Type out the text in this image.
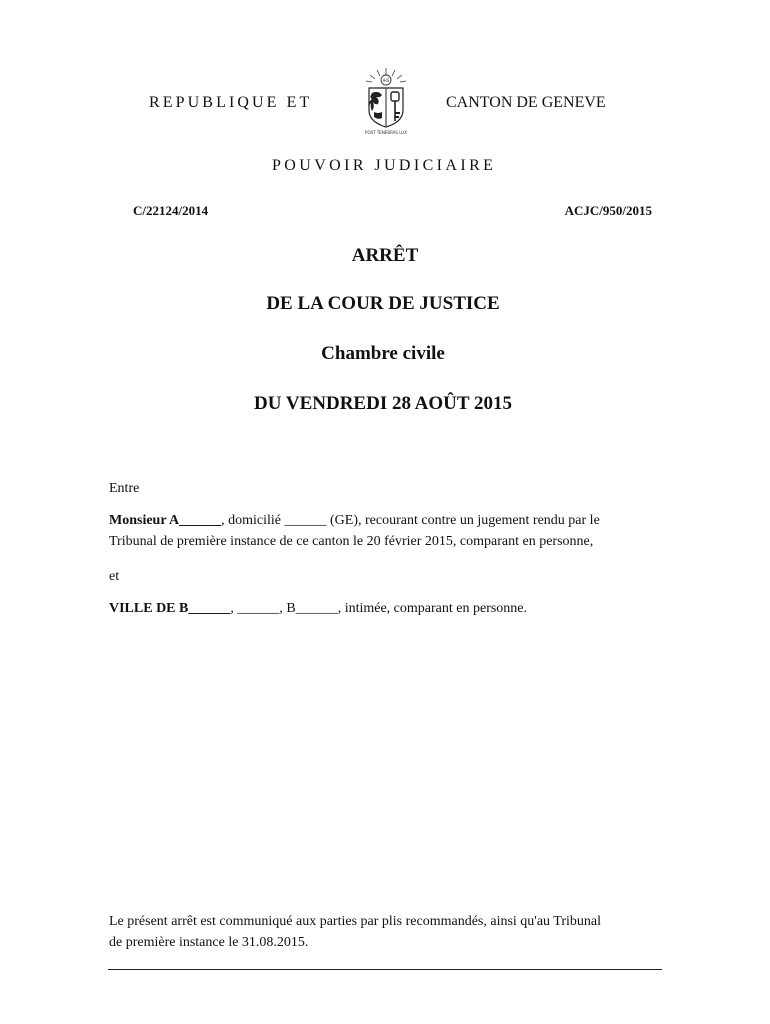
REPUBLIQUE ET
IHS
POST TENEBRAS LUX
CANTON DE GENEVE
POUVOIR JUDICIAIRE
C/22124/2014	ACJC/950/2015
ARRÊT
DE LA COUR DE JUSTICE
Chambre civile
DU VENDREDI 28 AOÛT 2015
Entre
Monsieur A______, domicilié ______ (GE), recourant contre un jugement rendu par le
Tribunal de première instance de ce canton le 20 février 2015, comparant en personne,
et
VILLE DE B______, ______, B______, intimée, comparant en personne.
Le présent arrêt est communiqué aux parties par plis recommandés, ainsi qu'au Tribunal
de première instance le 31.08.2015.
